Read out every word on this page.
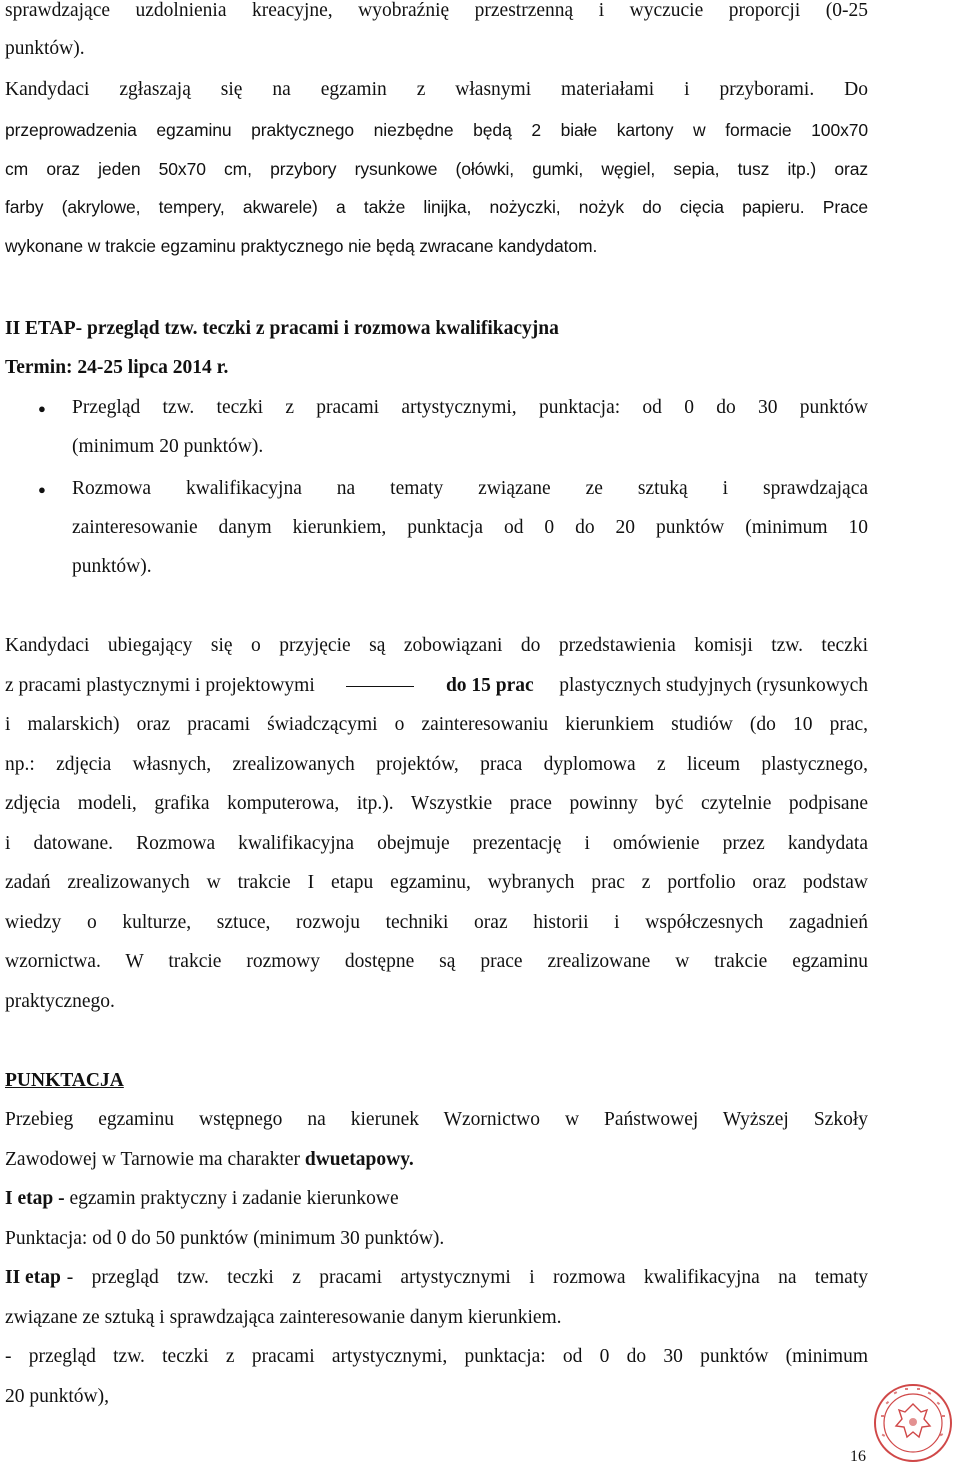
sprawdzające uzdolnienia kreacyjne, wyobraźnię przestrzenną i wyczucie proporcji (0-25
punktów).
Kandydaci zgłaszają się na egzamin z własnymi materiałami i przyborami. Do
przeprowadzenia egzaminu praktycznego niezbędne będą 2 białe kartony w formacie 100x70
cm oraz jeden 50x70 cm, przybory rysunkowe (ołówki, gumki, węgiel, sepia, tusz itp.) oraz
farby (akrylowe, tempery, akwarele) a także linijka, nożyczki, nożyk do cięcia papieru. Prace
wykonane w trakcie egzaminu praktycznego nie będą zwracane kandydatom.
II ETAP- przegląd tzw. teczki z pracami i rozmowa kwalifikacyjna
Termin: 24-25 lipca 2014 r.
● Przegląd tzw. teczki z pracami artystycznymi, punktacja: od 0 do 30 punktów
(minimum 20 punktów).
● Rozmowa kwalifikacyjna na tematy związane ze sztuką i sprawdzająca
zainteresowanie danym kierunkiem, punktacja od 0 do 20 punktów (minimum 10
punktów).
Kandydaci ubiegający się o przyjęcie są zobowiązani do przedstawienia komisji tzw. teczki
z pracami plastycznymi i projektowymi	do 15 prac plastycznych studyjnych (rysunkowych
i malarskich) oraz pracami świadczącymi o zainteresowaniu kierunkiem studiów (do 10 prac,
np.: zdjęcia własnych, zrealizowanych projektów, praca dyplomowa z liceum plastycznego,
zdjęcia modeli, grafika komputerowa, itp.). Wszystkie prace powinny być czytelnie podpisane
i datowane. Rozmowa kwalifikacyjna obejmuje prezentację i omówienie przez kandydata
zadań zrealizowanych w trakcie I etapu egzaminu, wybranych prac z portfolio oraz podstaw
wiedzy o kulturze, sztuce, rozwoju techniki oraz historii i współczesnych zagadnień
wzornictwa. W trakcie rozmowy dostępne są prace zrealizowane w trakcie egzaminu
praktycznego.
PUNKTACJA
Przebieg egzaminu wstępnego na kierunek Wzornictwo w Państwowej Wyższej Szkoły
Zawodowej w Tarnowie ma charakter dwuetapowy.
I etap - egzamin praktyczny i zadanie kierunkowe
Punktacja: od 0 do 50 punktów (minimum 30 punktów).
II etap - przegląd tzw. teczki z pracami artystycznymi i rozmowa kwalifikacyjna na tematy
związane ze sztuką i sprawdzająca zainteresowanie danym kierunkiem.
- przegląd tzw. teczki z pracami artystycznymi, punktacja: od 0 do 30 punktów (minimum
20 punktów),
16
